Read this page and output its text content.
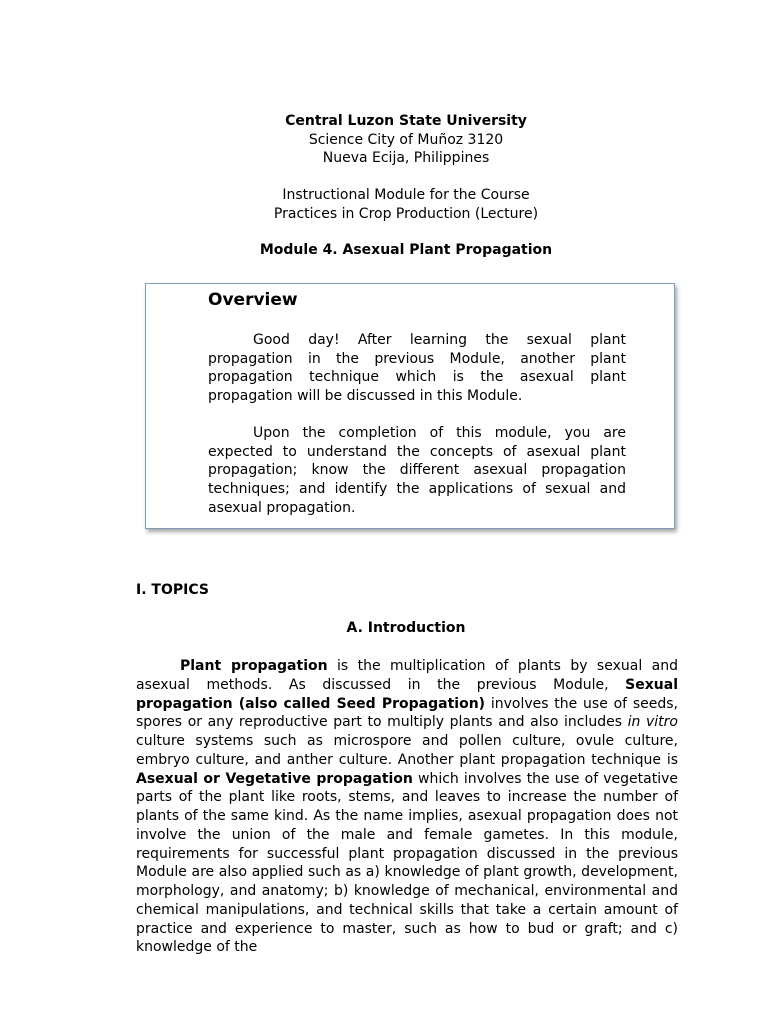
Central Luzon State University
Science City of Muñoz 3120
Nueva Ecija, Philippines
Instructional Module for the Course
Practices in Crop Production (Lecture)
Module 4. Asexual Plant Propagation
Overview

Good day! After learning the sexual plant propagation in the previous Module, another plant propagation technique which is the asexual plant propagation will be discussed in this Module.

Upon the completion of this module, you are expected to understand the concepts of asexual plant propagation; know the different asexual propagation techniques; and identify the applications of sexual and asexual propagation.

I. TOPICS
A. Introduction

Plant propagation is the multiplication of plants by sexual and asexual methods. As discussed in the previous Module, Sexual propagation (also called Seed Propagation) involves the use of seeds, spores or any reproductive part to multiply plants and also includes in vitro culture systems such as microspore and pollen culture, ovule culture, embryo culture, and anther culture. Another plant propagation technique is Asexual or Vegetative propagation which involves the use of vegetative parts of the plant like roots, stems, and leaves to increase the number of plants of the same kind. As the name implies, asexual propagation does not involve the union of the male and female gametes. In this module, requirements for successful plant propagation discussed in the previous Module are also applied such as a) knowledge of plant growth, development, morphology, and anatomy; b) knowledge of mechanical, environmental and chemical manipulations, and technical skills that take a certain amount of practice and experience to master, such as how to bud or graft; and c) knowledge of the
